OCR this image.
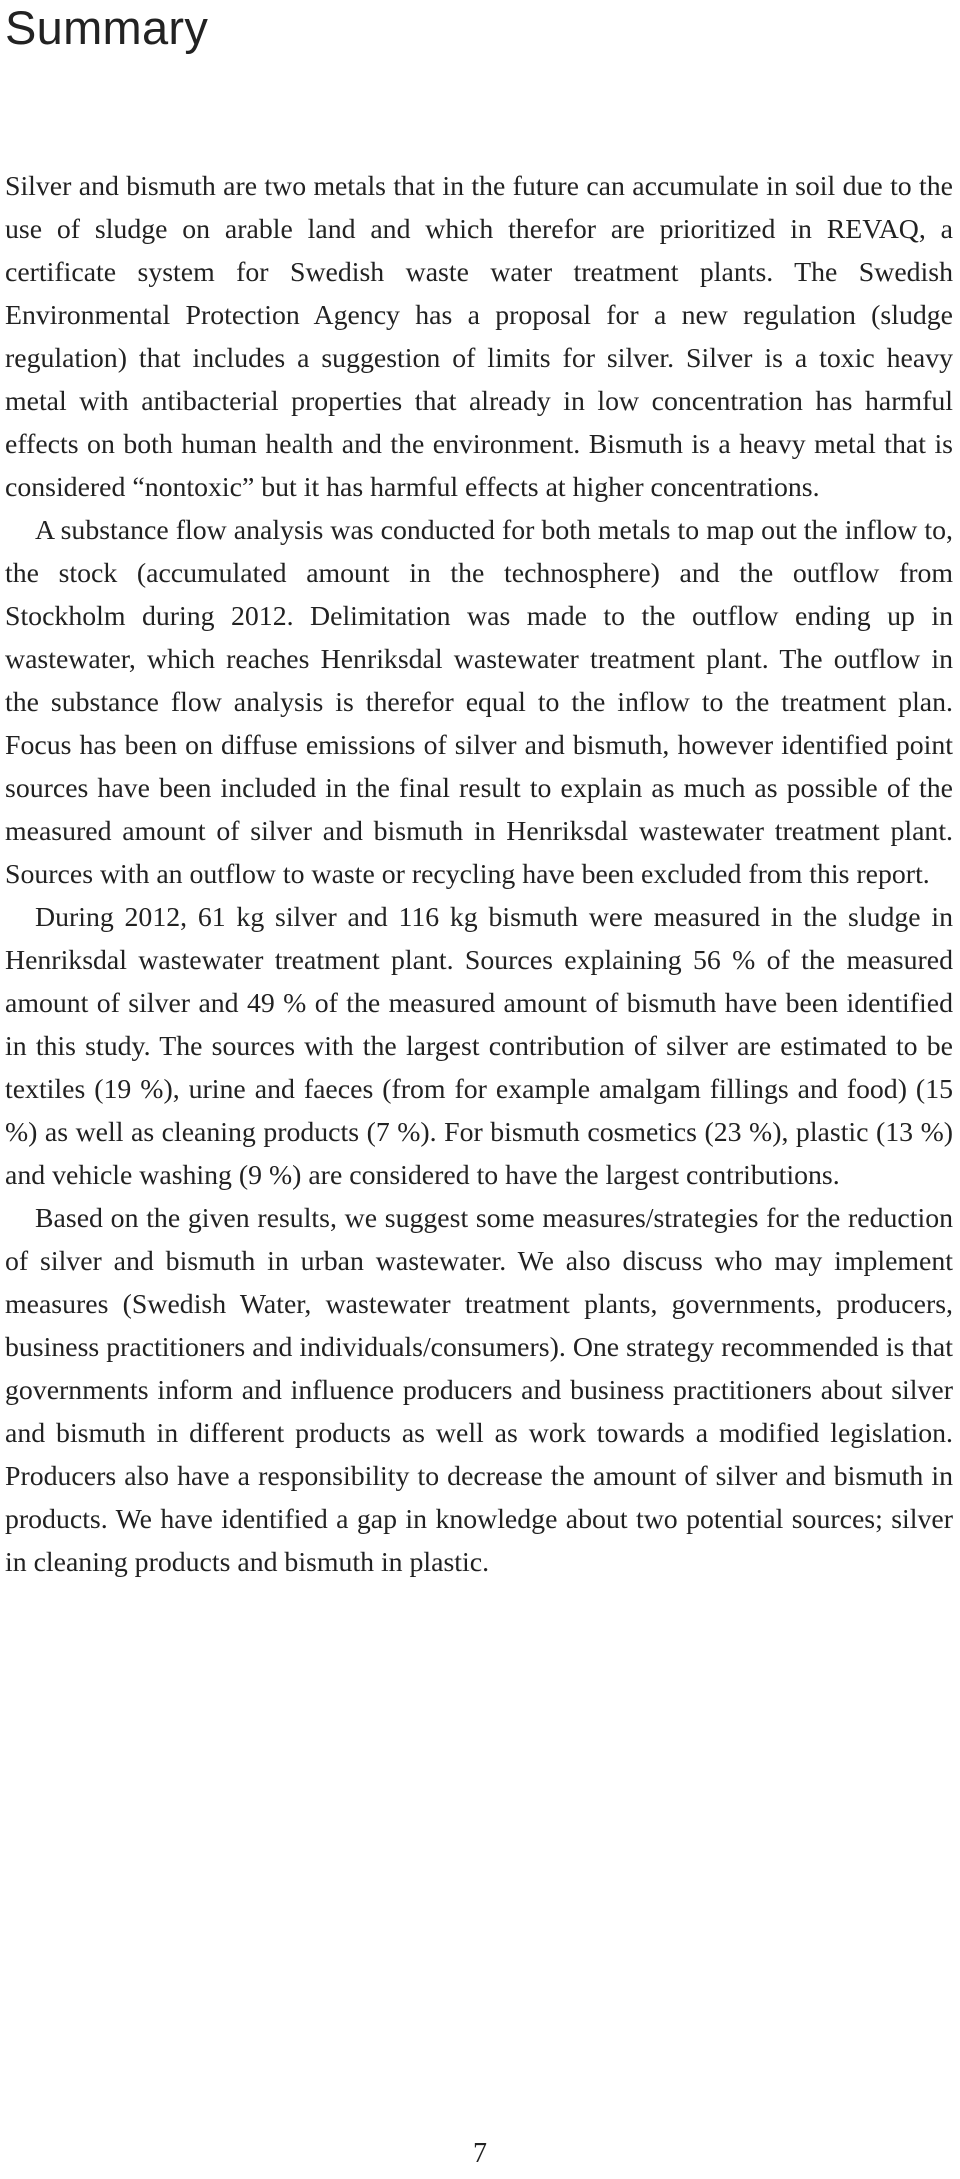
Summary

Silver and bismuth are two metals that in the future can accumulate in soil due to the use of sludge on arable land and which therefor are prioritized in REVAQ, a certificate system for Swedish waste water treatment plants. The Swedish Environmental Protection Agency has a proposal for a new regulation (sludge regulation) that includes a suggestion of limits for silver. Silver is a toxic heavy metal with antibacterial properties that already in low concentration has harmful effects on both human health and the environment. Bismuth is a heavy metal that is considered “nontoxic” but it has harmful effects at higher concentrations.

A substance flow analysis was conducted for both metals to map out the inflow to, the stock (accumulated amount in the technosphere) and the outflow from Stockholm during 2012. Delimitation was made to the outflow ending up in wastewater, which reaches Henriksdal wastewater treatment plant. The outflow in the substance flow analysis is therefor equal to the inflow to the treatment plan. Focus has been on diffuse emissions of silver and bismuth, however identified point sources have been included in the final result to explain as much as possible of the measured amount of silver and bismuth in Henriksdal wastewater treatment plant. Sources with an outflow to waste or recycling have been excluded from this report.

During 2012, 61 kg silver and 116 kg bismuth were measured in the sludge in Henriksdal wastewater treatment plant. Sources explaining 56 % of the measured amount of silver and 49 % of the measured amount of bismuth have been identified in this study. The sources with the largest contribution of silver are estimated to be textiles (19 %), urine and faeces (from for example amalgam fillings and food) (15 %) as well as cleaning products (7 %). For bismuth cosmetics (23 %), plastic (13 %) and vehicle washing (9 %) are considered to have the largest contributions.

Based on the given results, we suggest some measures/strategies for the reduction of silver and bismuth in urban wastewater. We also discuss who may implement measures (Swedish Water, wastewater treatment plants, governments, producers, business practitioners and individuals/consumers). One strategy recommended is that governments inform and influence producers and business practitioners about silver and bismuth in different products as well as work towards a modified legislation. Producers also have a responsibility to decrease the amount of silver and bismuth in products. We have identified a gap in knowledge about two potential sources; silver in cleaning products and bismuth in plastic.

7
